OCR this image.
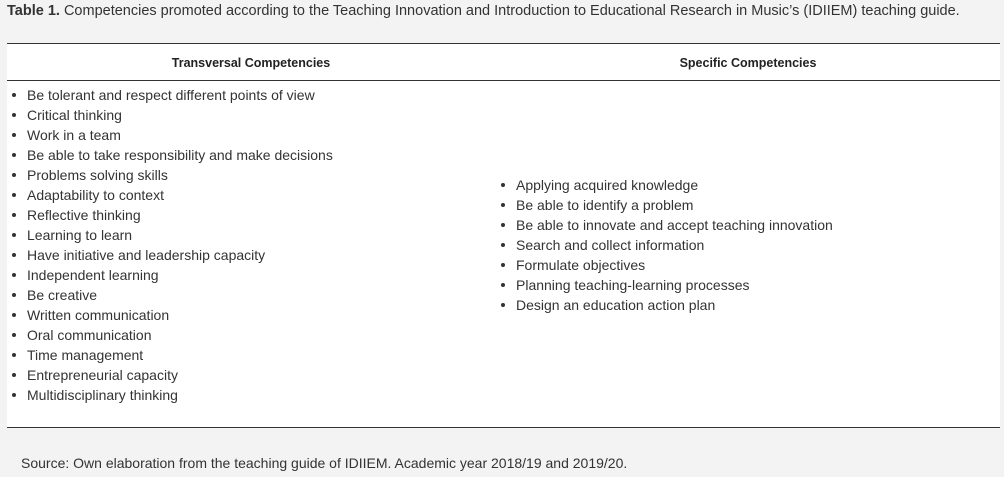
Table 1. Competencies promoted according to the Teaching Innovation and Introduction to Educational Research in Music’s (IDIIEM) teaching guide.
Transversal Competencies	Specific Competencies
Be tolerant and respect different points of view
Critical thinking
Work in a team
Be able to take responsibility and make decisions
Problems solving skills
Adaptability to context
Reflective thinking
Learning to learn
Have initiative and leadership capacity
Independent learning
Be creative
Written communication
Oral communication
Time management
Entrepreneurial capacity
Multidisciplinary thinking
Applying acquired knowledge
Be able to identify a problem
Be able to innovate and accept teaching innovation
Search and collect information
Formulate objectives
Planning teaching-learning processes
Design an education action plan
Source: Own elaboration from the teaching guide of IDIIEM. Academic year 2018/19 and 2019/20.
